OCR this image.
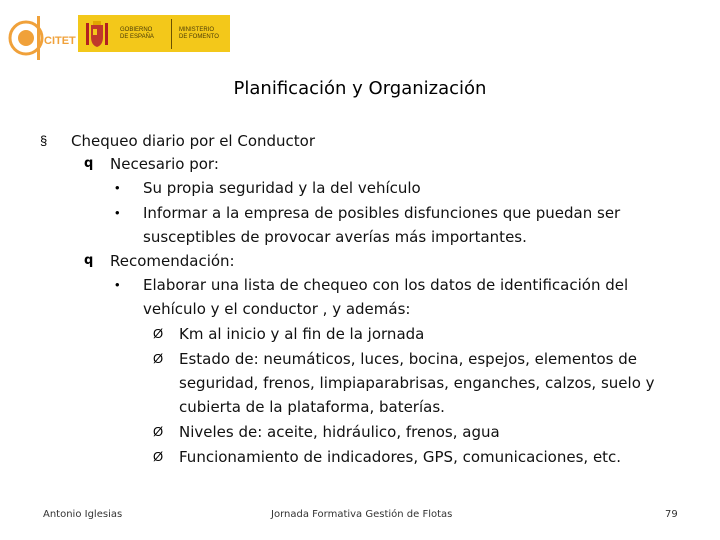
CITET
GOBIERNO
DE ESPAÑA
MINISTERIO
DE FOMENTO
Planificación y Organización
§ Chequeo diario por el Conductor
q Necesario por:
• Su propia seguridad y la del vehículo
• Informar a la empresa de posibles disfunciones que puedan ser
susceptibles de provocar averías más importantes.
q Recomendación:
• Elaborar una lista de chequeo con los datos de identificación del
vehículo y el conductor , y además:
Ø Km al inicio y al fin de la jornada
Ø Estado de: neumáticos, luces, bocina, espejos, elementos de
seguridad, frenos, limpiaparabrisas, enganches, calzos, suelo y
cubierta de la plataforma, baterías.
Ø Niveles de: aceite, hidráulico, frenos, agua
Ø Funcionamiento de indicadores, GPS, comunicaciones, etc.
Antonio Iglesias	Jornada Formativa Gestión de Flotas	79
